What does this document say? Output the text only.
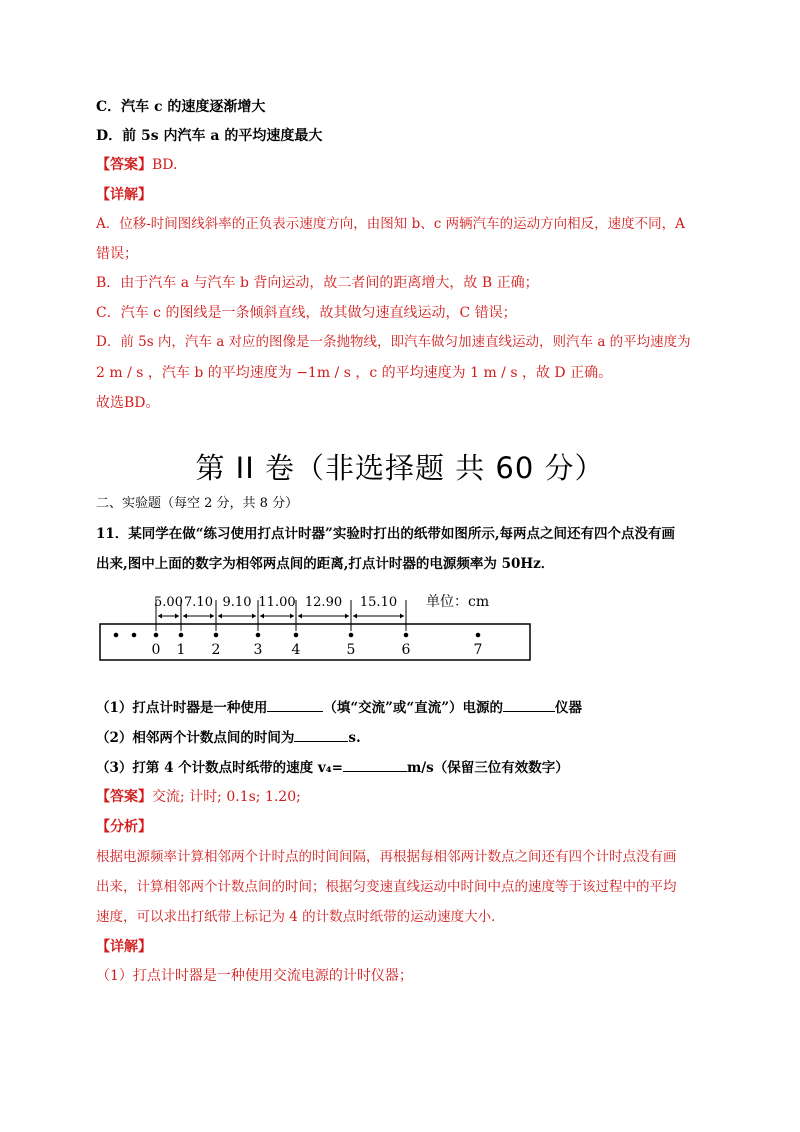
C．汽车 c 的速度逐渐增大
D．前 5s 内汽车 a 的平均速度最大
【答案】BD.
【详解】
A．位移-时间图线斜率的正负表示速度方向，由图知 b、c 两辆汽车的运动方向相反，速度不同，A
错误；
B．由于汽车 a 与汽车 b 背向运动，故二者间的距离增大，故 B 正确；
C．汽车 c 的图线是一条倾斜直线，故其做匀速直线运动，C 错误；
D．前 5s 内，汽车 a 对应的图像是一条抛物线，即汽车做匀加速直线运动，则汽车 a 的平均速度为
2 m / s ，汽车 b 的平均速度为 −1m / s ，c 的平均速度为 1 m / s ，故 D 正确。
故选BD。
第 II 卷（非选择题 共 60 分）
二、实验题（每空 2 分，共 8 分）
11．某同学在做“练习使用打点计时器”实验时打出的纸带如图所示,每两点之间还有四个点没有画
出来,图中上面的数字为相邻两点间的距离,打点计时器的电源频率为 50Hz．
5.00 7.10 9.10 11.00 12.90 15.10
0 1 2 3 4	5	6	7
单位：cm
（1）打点计时器是一种使用	（填“交流”或“直流”）电源的	仪器
（2）相邻两个计数点间的时间为	s.
（3）打第 4 个计数点时纸带的速度 v₄=	m/s（保留三位有效数字）
【答案】交流; 计时; 0.1s; 1.20;
【分析】
根据电源频率计算相邻两个计时点的时间间隔，再根据每相邻两计数点之间还有四个计时点没有画
出来，计算相邻两个计数点间的时间；根据匀变速直线运动中时间中点的速度等于该过程中的平均
速度，可以求出打纸带上标记为 4 的计数点时纸带的运动速度大小．
【详解】
（1）打点计时器是一种使用交流电源的计时仪器；
